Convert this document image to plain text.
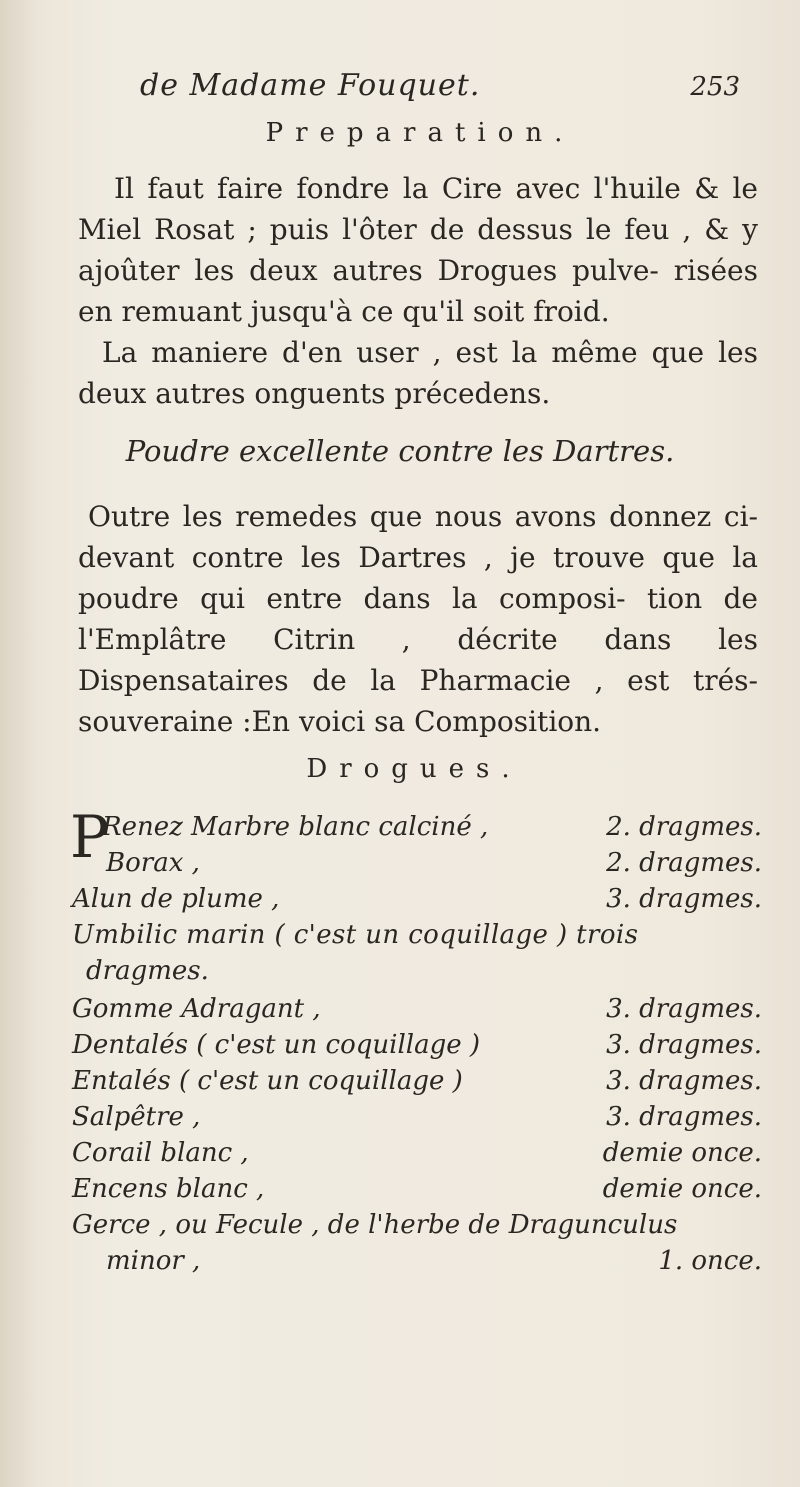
de Madame Fouquet.	253
Preparation.
Il faut faire fondre la Cire avec l'huile & le Miel Rosat ; puis l'ôter de dessus le feu , & y ajoûter les deux autres Drogues pulve- risées en remuant jusqu'à ce qu'il soit froid.
La maniere d'en user , est la même que les deux autres onguents précedens.
Poudre excellente contre les Dartres.
Outre les remedes que nous avons donnez ci-devant contre les Dartres , je trouve que la poudre qui entre dans la composi- tion de l'Emplâtre Citrin , décrite dans les Dispensataires de la Pharmacie , est trés-souveraine :En voici sa Composition.
Drogues.
P
Renez Marbre blanc calciné ,	2. dragmes.
Borax ,	2. dragmes.
Alun de plume ,	3. dragmes.
Umbilic marin ( c'est un coquillage ) trois
dragmes.
Gomme Adragant ,	3. dragmes.
Dentalés ( c'est un coquillage )	3. dragmes.
Entalés ( c'est un coquillage )	3. dragmes.
Salpêtre ,	3. dragmes.
Corail blanc ,	demie once.
Encens blanc ,	demie once.
Gerce , ou Fecule , de l'herbe de Dragunculus
minor ,	1. once.
